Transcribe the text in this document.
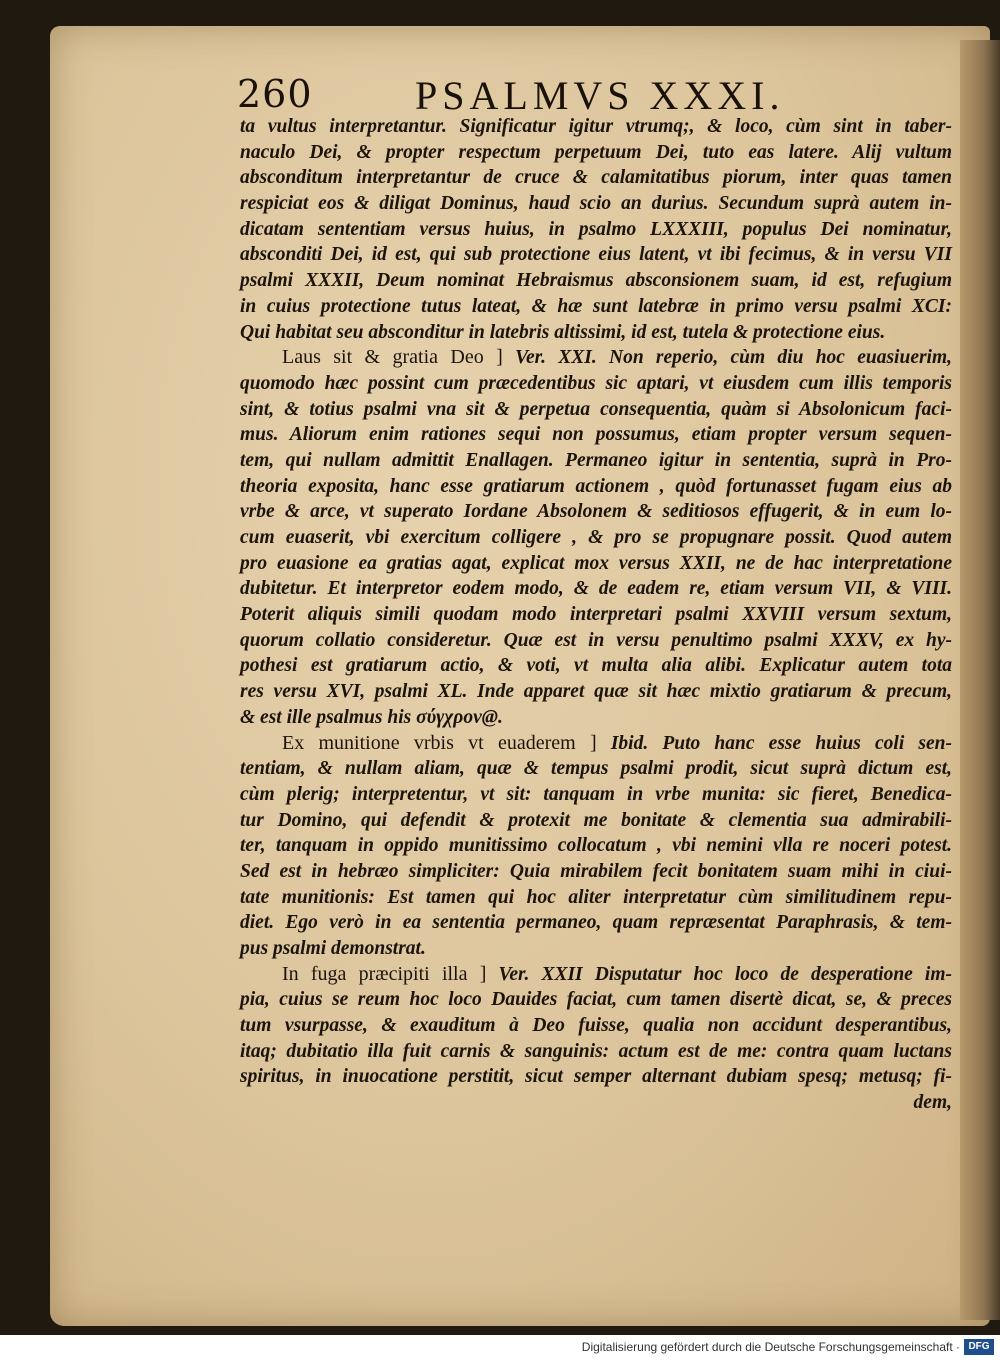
260	PSALMVS XXXI.
ta vultus interpretantur. Significatur igitur vtrumq;, & loco, cùm sint in taber-
naculo Dei, & propter respectum perpetuum Dei, tuto eas latere. Alij vultum
absconditum interpretantur de cruce & calamitatibus piorum, inter quas tamen
respiciat eos & diligat Dominus, haud scio an durius. Secundum suprà autem in-
dicatam sententiam versus huius, in psalmo LXXXIII, populus Dei nominatur,
absconditi Dei, id est, qui sub protectione eius latent, vt ibi fecimus, & in versu VII
psalmi XXXII, Deum nominat Hebraismus absconsionem suam, id est, refugium
in cuius protectione tutus lateat, & hæ sunt latebræ in primo versu psalmi XCI:
Qui habitat seu absconditur in latebris altissimi, id est, tutela & protectione eius.
Laus sit & gratia Deo ] Ver. XXI. Non reperio, cùm diu hoc euasiuerim,
quomodo hæc possint cum præcedentibus sic aptari, vt eiusdem cum illis temporis
sint, & totius psalmi vna sit & perpetua consequentia, quàm si Absolonicum faci-
mus. Aliorum enim rationes sequi non possumus, etiam propter versum sequen-
tem, qui nullam admittit Enallagen. Permaneo igitur in sententia, suprà in Pro-
theoria exposita, hanc esse gratiarum actionem , quòd fortunasset fugam eius ab
vrbe & arce, vt superato Iordane Absolonem & seditiosos effugerit, & in eum lo-
cum euaserit, vbi exercitum colligere , & pro se propugnare possit. Quod autem
pro euasione ea gratias agat, explicat mox versus XXII, ne de hac interpretatione
dubitetur. Et interpretor eodem modo, & de eadem re, etiam versum VII, & VIII.
Poterit aliquis simili quodam modo interpretari psalmi XXVIII versum sextum,
quorum collatio consideretur. Quæ est in versu penultimo psalmi XXXV, ex hy-
pothesi est gratiarum actio, & voti, vt multa alia alibi. Explicatur autem tota
res versu XVI, psalmi XL. Inde apparet quæ sit hæc mixtio gratiarum & precum,
& est ille psalmus his σύγχρον@.
Ex munitione vrbis vt euaderem ] Ibid. Puto hanc esse huius coli sen-
tentiam, & nullam aliam, quæ & tempus psalmi prodit, sicut suprà dictum est,
cùm plerig; interpretentur, vt sit: tanquam in vrbe munita: sic fieret, Benedica-
tur Domino, qui defendit & protexit me bonitate & clementia sua admirabili-
ter, tanquam in oppido munitissimo collocatum , vbi nemini vlla re noceri potest.
Sed est in hebræo simpliciter: Quia mirabilem fecit bonitatem suam mihi in ciui-
tate munitionis: Est tamen qui hoc aliter interpretatur cùm similitudinem repu-
diet. Ego verò in ea sententia permaneo, quam repræsentat Paraphrasis, & tem-
pus psalmi demonstrat.
In fuga præcipiti illa ] Ver. XXII Disputatur hoc loco de desperatione im-
pia, cuius se reum hoc loco Dauides faciat, cum tamen disertè dicat, se, & preces
tum vsurpasse, & exauditum à Deo fuisse, qualia non accidunt desperantibus,
itaq; dubitatio illa fuit carnis & sanguinis: actum est de me: contra quam luctans
spiritus, in inuocatione perstitit, sicut semper alternant dubiam spesq; metusq; fi-
dem,
Digitalisierung gefördert durch die Deutsche Forschungsgemeinschaft · DFG
